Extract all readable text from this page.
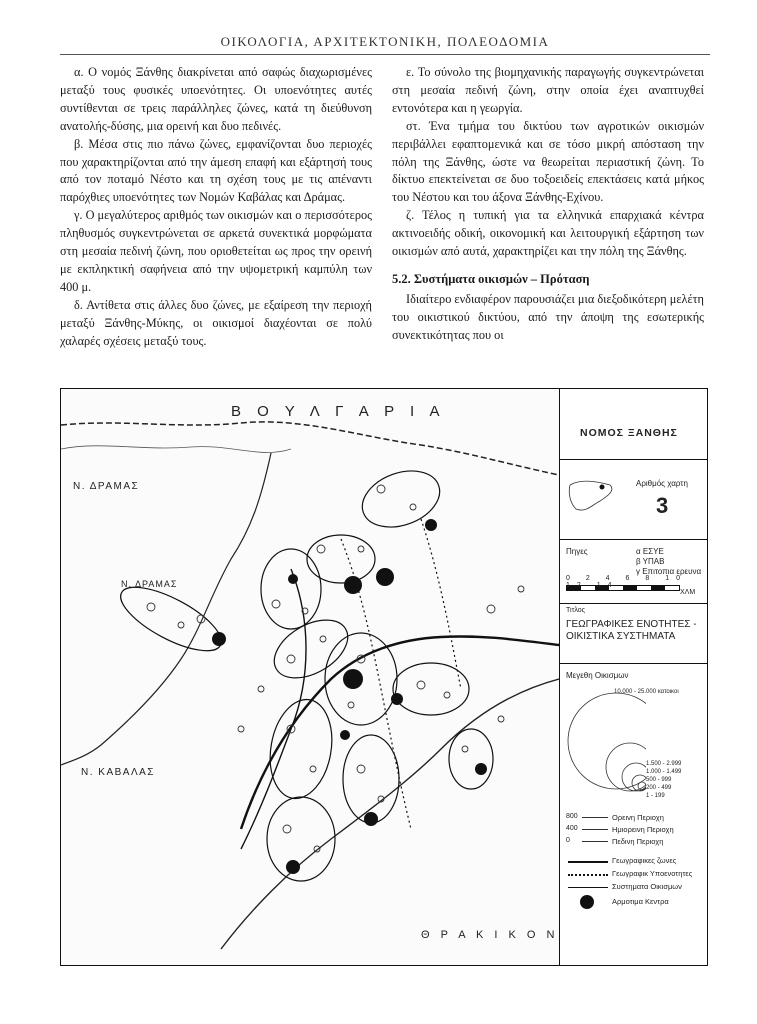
ΟΙΚΟΛΟΓΙΑ, ΑΡΧΙΤΕΚΤΟΝΙΚΗ, ΠΟΛΕΟΔΟΜΙΑ

α. Ο νομός Ξάνθης διακρίνεται από σαφώς διαχωρισμένες μεταξύ τους φυσικές υποενότητες. Οι υποενότητες αυτές συντίθενται σε τρεις παράλληλες ζώνες, κατά τη διεύθυνση ανατολής-δύσης, μια ορεινή και δυο πεδινές.

β. Μέσα στις πιο πάνω ζώνες, εμφανίζονται δυο περιοχές που χαρακτηρίζονται από την άμεση επαφή και εξάρτησή τους από τον ποταμό Νέστο και τη σχέση τους με τις απέναντι παρόχθιες υποενότητες των Νομών Καβάλας και Δράμας.

γ. Ο μεγαλύτερος αριθμός των οικισμών και ο περισσότερος πληθυσμός συγκεντρώνεται σε αρκετά συνεκτικά μορφώματα στη μεσαία πεδινή ζώνη, που οριοθετείται ως προς την ορεινή με εκπληκτική σαφήνεια από την υψομετρική καμπύλη των 400 μ.

δ. Αντίθετα στις άλλες δυο ζώνες, με εξαίρεση την περιοχή μεταξύ Ξάνθης-Μύκης, οι οικισμοί διαχέονται σε πολύ χαλαρές σχέσεις μεταξύ τους.

ε. Το σύνολο της βιομηχανικής παραγωγής συγκεντρώνεται στη μεσαία πεδινή ζώνη, στην οποία έχει αναπτυχθεί εντονότερα και η γεωργία.

στ. Ένα τμήμα του δικτύου των αγροτικών οικισμών περιβάλλει εφαπτομενικά και σε τόσο μικρή απόσταση την πόλη της Ξάνθης, ώστε να θεωρείται περιαστική ζώνη. Το δίκτυο επεκτείνεται σε δυο τοξοειδείς επεκτάσεις κατά μήκος του Νέστου και του άξονα Ξάνθης-Εχίνου.

ζ. Τέλος η τυπική για τα ελληνικά επαρχιακά κέντρα ακτινοειδής οδική, οικονομική και λειτουργική εξάρτηση των οικισμών από αυτά, χαρακτηρίζει και την πόλη της Ξάνθης.

5.2. Συστήματα οικισμών – Πρόταση

Ιδιαίτερο ενδιαφέρον παρουσιάζει μια διεξοδικότερη μελέτη του οικιστικού δικτύου, από την άποψη της εσωτερικής συνεκτικότητας που οι

Β Ο Υ Λ Γ Α Ρ Ι Α
Ν. ΔΡΑΜΑΣ
Ν. ΔΡΑΜΑΣ
Ν. ΚΑΒΑΛΑΣ
Θ Ρ Α Κ Ι Κ Ο Ν
ΝΟΜΟΣ ΞΑΝΘΗΣ
Αριθμός χαρτη
3
Πηγες	α ΕΣΥΕ
β ΥΠΑΒ
γ Επιτοπια ερευνα
0 2 4 6 8 10 12 14
ΧΛΜ
Τιτλος
ΓΕΩΓΡΑΦΙΚΕΣ ΕΝΟΤΗΤΕΣ - ΟΙΚΙΣΤΙΚΑ ΣΥΣΤΗΜΑΤΑ
Μεγεθη Οικισμων
10.000 - 25.000 κατοικοι
1.500 - 2.999
1.000 - 1.499
500 - 999
200 - 499
1 - 199
800
400
0
Ορεινη Περιοχη
Ημιορεινη Περιοχη
Πεδινη Περιοχη
Γεωγραφικες ζωνες
Γεωγραφικ Υποενοτητες
Συστηματα Οικισμων
Αρμοτιμα Κεντρα
